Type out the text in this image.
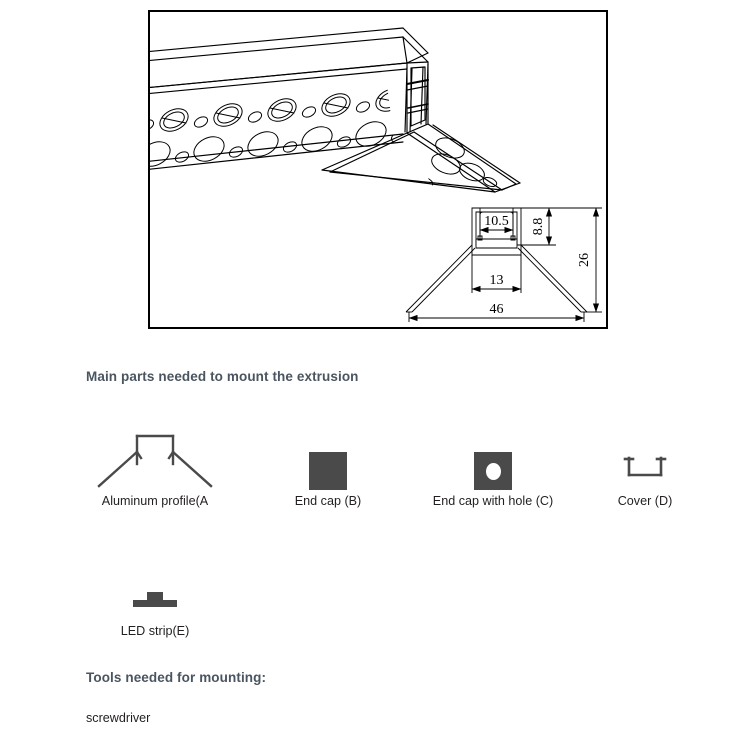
10.5 8.8
13
26
46
Main parts needed to mount the extrusion
Aluminum profile(A	End cap (B)	End cap with hole (C)	Cover (D)
LED strip(E)
Tools needed for mounting:
screwdriver
